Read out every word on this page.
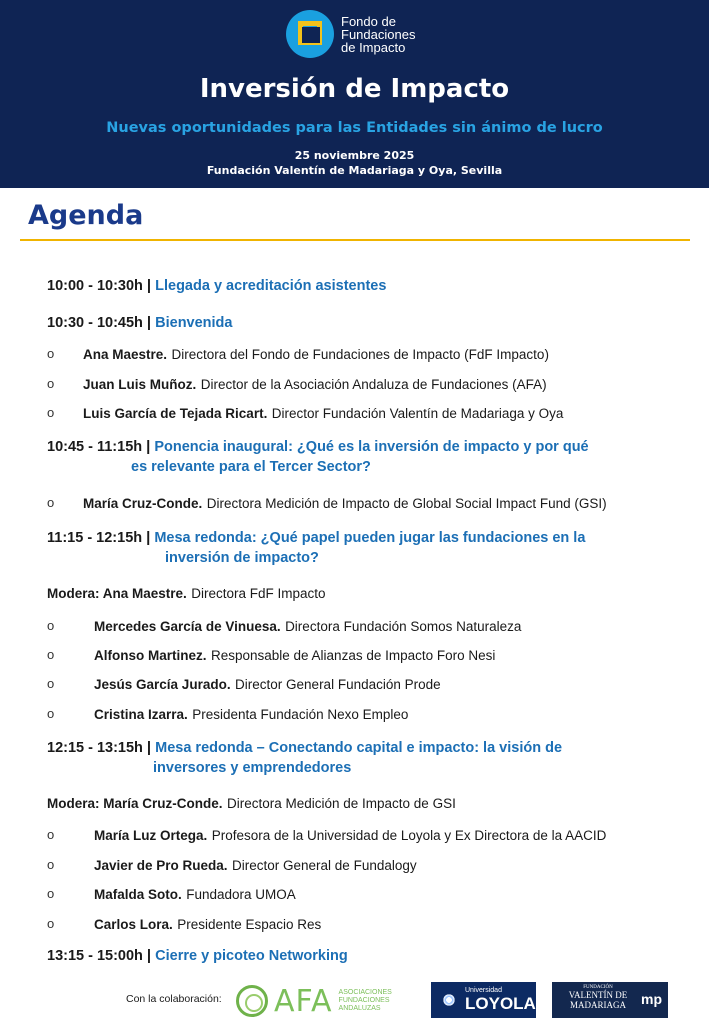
Fondo de
Fundaciones
de Impacto
Inversión de Impacto
Nuevas oportunidades para las Entidades sin ánimo de lucro
25 noviembre 2025
Fundación Valentín de Madariaga y Oya, Sevilla
Agenda
10:00 - 10:30h | Llegada y acreditación asistentes
10:30 - 10:45h | Bienvenida
o Ana Maestre. Directora del Fondo de Fundaciones de Impacto (FdF Impacto)
o Juan Luis Muñoz. Director de la Asociación Andaluza de Fundaciones (AFA)
o Luis García de Tejada Ricart. Director Fundación Valentín de Madariaga y Oya
10:45 - 11:15h | Ponencia inaugural: ¿Qué es la inversión de impacto y por qué
es relevante para el Tercer Sector?
o María Cruz-Conde. Directora Medición de Impacto de Global Social Impact Fund (GSI)
11:15 - 12:15h | Mesa redonda: ¿Qué papel pueden jugar las fundaciones en la
inversión de impacto?
Modera: Ana Maestre. Directora FdF Impacto
o	Mercedes García de Vinuesa. Directora Fundación Somos Naturaleza
o	Alfonso Martinez. Responsable de Alianzas de Impacto Foro Nesi
o	Jesús García Jurado. Director General Fundación Prode
o	Cristina Izarra. Presidenta Fundación Nexo Empleo
12:15 - 13:15h | Mesa redonda – Conectando capital e impacto: la visión de
inversores y emprendedores
Modera: María Cruz-Conde. Directora Medición de Impacto de GSI
o	María Luz Ortega. Profesora de la Universidad de Loyola y Ex Directora de la AACID
o	Javier de Pro Rueda. Director General de Fundalogy
o	Mafalda Soto. Fundadora UMOA
o	Carlos Lora. Presidente Espacio Res
13:15 - 15:00h | Cierre y picoteo Networking
Con la colaboración: AFA ASOCIACIONES
FUNDACIONES
ANDALUZAS
Universidad
LOYOLA
FUNDACIÓN
VALENTÍN DE
MADARIAGA	mp
